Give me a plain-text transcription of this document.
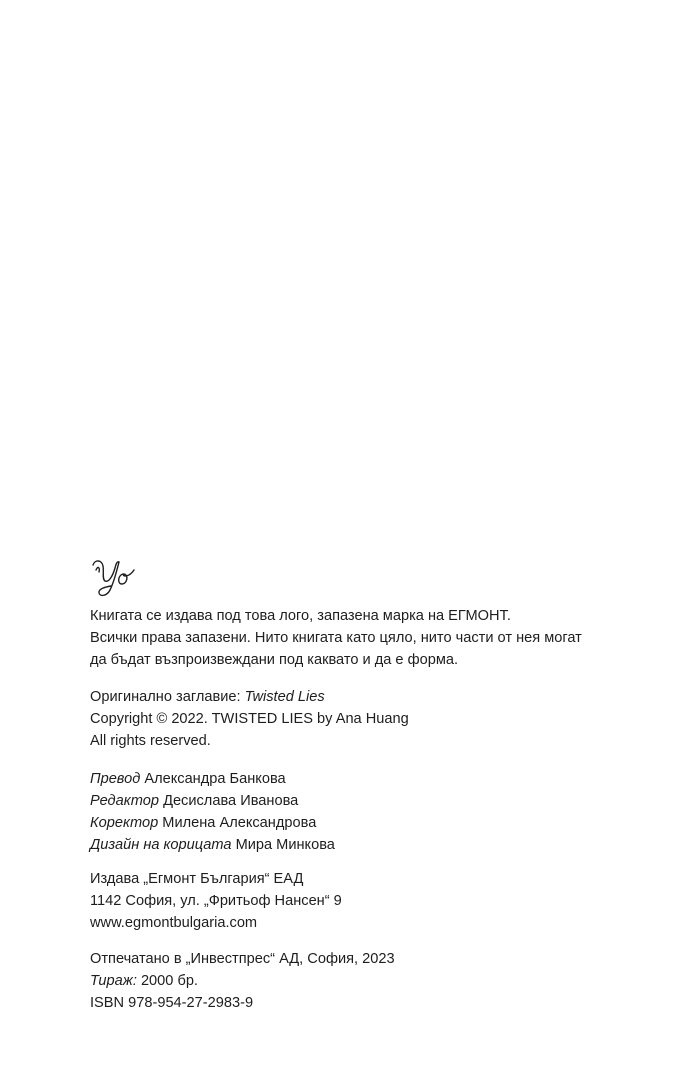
Книгата се издава под това лого, запазена марка на ЕГМОНТ.

Всички права запазени. Нито книгата като цяло, нито части от нея могат

да бъдат възпроизвеждани под каквато и да е форма.

Оригинално заглавие: Twisted Lies

Copyright © 2022. TWISTED LIES by Ana Huang

All rights reserved.

Превод Александра Банкова

Редактор Десислава Иванова

Коректор Милена Александрова

Дизайн на корицата Мира Минкова

Издава „Егмонт България“ ЕАД

1142 София, ул. „Фритьоф Нансен“ 9

www.egmontbulgaria.com

Отпечатано в „Инвестпрес“ АД, София, 2023

Тираж: 2000 бр.

ISBN 978-954-27-2983-9
